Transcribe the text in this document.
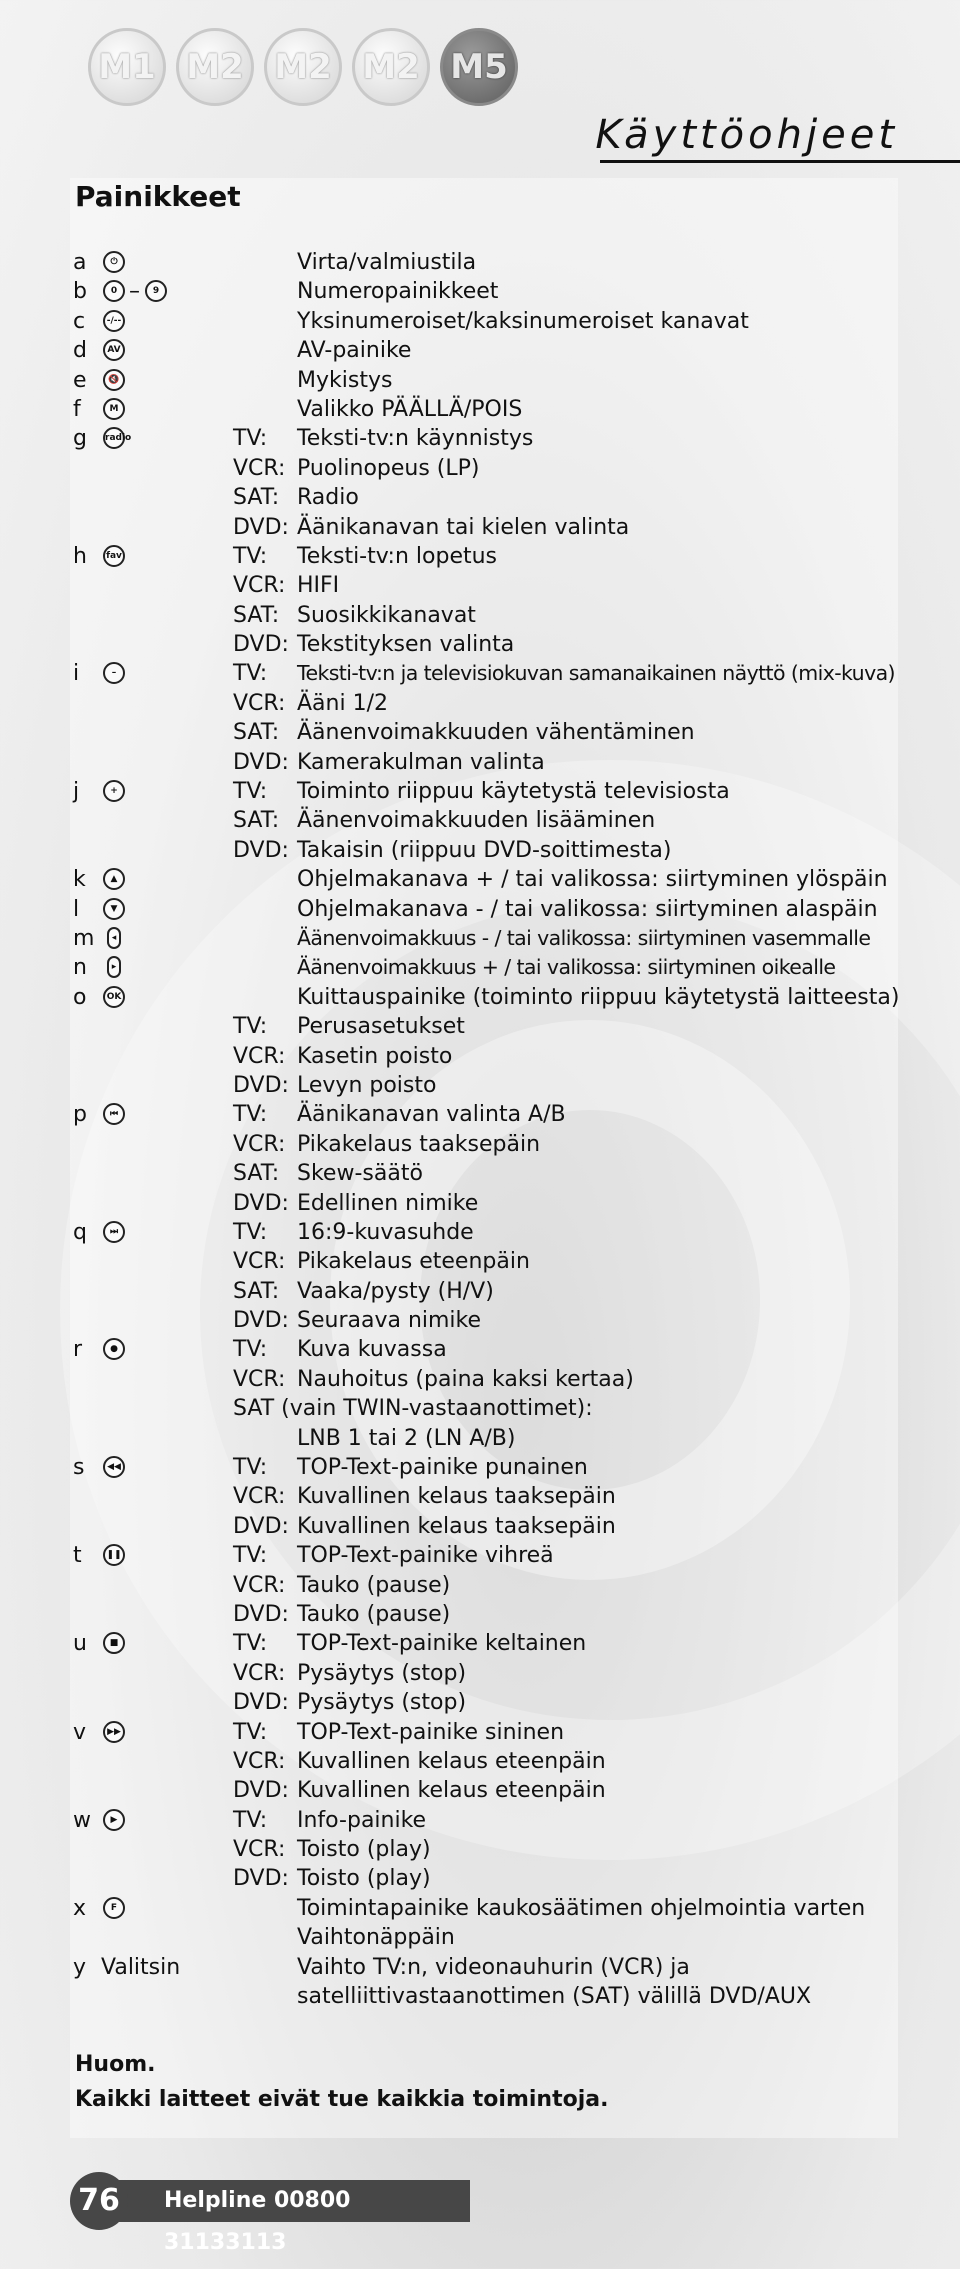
M1 M2 M2 M2 M5
Käyttöohjeet
Painikkeet
a	⏻	Virta/valmiustila
b	0 –	9	Numeropainikkeet
c	-/--	Yksinumeroiset/kaksinumeroiset kanavat
d	AV	AV-painike
e	🔇	Mykistys
f	M	Valikko PÄÄLLÄ/POIS
g radio	TV: Teksti-tv:n käynnistys
VCR: Puolinopeus (LP)
SAT: Radio
DVD: Äänikanavan tai kielen valinta
h	fav	TV: Teksti-tv:n lopetus
VCR: HIFI
SAT: Suosikkikanavat
DVD: Tekstityksen valinta
i	–	TV: Teksti-tv:n ja televisiokuvan samanaikainen näyttö (mix-kuva)
VCR: Ääni 1/2
SAT: Äänenvoimakkuuden vähentäminen
DVD: Kamerakulman valinta
j	+	TV: Toiminto riippuu käytetystä televisiosta
SAT: Äänenvoimakkuuden lisääminen
DVD: Takaisin (riippuu DVD-soittimesta)
k	▲	Ohjelmakanava + / tai valikossa: siirtyminen ylöspäin
l	▼	Ohjelmakanava - / tai valikossa: siirtyminen alaspäin
m	◂	Äänenvoimakkuus - / tai valikossa: siirtyminen vasemmalle
n	▸	Äänenvoimakkuus + / tai valikossa: siirtyminen oikealle
o	OK	Kuittauspainike (toiminto riippuu käytetystä laitteesta)
TV: Perusasetukset
VCR: Kasetin poisto
DVD: Levyn poisto
p	⏮	TV: Äänikanavan valinta A/B
VCR: Pikakelaus taaksepäin
SAT: Skew-säätö
DVD: Edellinen nimike
q	⏭	TV: 16:9-kuvasuhde
VCR: Pikakelaus eteenpäin
SAT: Vaaka/pysty (H/V)
DVD: Seuraava nimike
r	●	TV: Kuva kuvassa
VCR: Nauhoitus (paina kaksi kertaa)
SAT (vain TWIN-vastaanottimet):
LNB 1 tai 2 (LN A/B)
s	◀◀	TV: TOP-Text-painike punainen
VCR: Kuvallinen kelaus taaksepäin
DVD: Kuvallinen kelaus taaksepäin
t	❚❚	TV: TOP-Text-painike vihreä
VCR: Tauko (pause)
DVD: Tauko (pause)
u	■	TV: TOP-Text-painike keltainen
VCR: Pysäytys (stop)
DVD: Pysäytys (stop)
v	▶▶	TV: TOP-Text-painike sininen
VCR: Kuvallinen kelaus eteenpäin
DVD: Kuvallinen kelaus eteenpäin
w	▶	TV: Info-painike
VCR: Toisto (play)
DVD: Toisto (play)
x	F	Toimintapainike kaukosäätimen ohjelmointia varten
Vaihtonäppäin
y Valitsin	Vaihto TV:n, videonauhurin (VCR) ja
satelliittivastaanottimen (SAT) välillä DVD/AUX
Huom.
Kaikki laitteet eivät tue kaikkia toimintoja.
Helpline 00800 31133113
76
